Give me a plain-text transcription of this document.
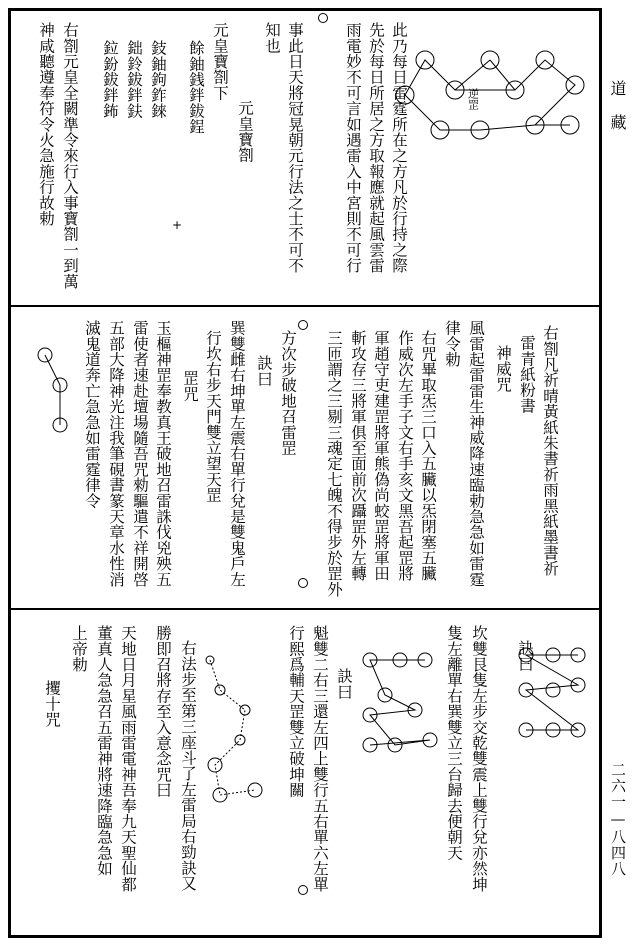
道藏
二六一—八四八
此乃每日雷霆所在之方凡於行持之際
先於每日所居之方取報應就起風雲雷
雨電妙不可言如遇雷入中宮則不可行
事此日天將冠晃朝元行法之士不可不
知也
元皇寶劄
元皇寶劄下
餘鈾銭鉡鈸鋥
鈘鈾鉤鈼錸
鈯鈴鈸鉡鈇
鉝鈖鈸鉡鈽
右劄元皇全闕準令來行入事寶劄一到萬
神咸聽遵奉符令火急施行故勅	+
逆罡
右劄凡祈晴黃紙朱書祈雨黑紙墨書祈
雷青紙粉書
神威咒
風雷起雷雷生神威降速臨勅急急如雷霆
律令勅
右咒畢取炁三口入五臟以炁閉塞五臟
作威次左手子文右手亥文黑吾起罡將
軍趙守吏建罡將軍熊偽尚蛟罡將軍田
斬攻存三將軍俱至面前次躡罡外左轉
三匝謂之三剔三魂定七魄不得步於罡外
方次步破地召雷罡
訣曰
巽雙雌右坤單左震右單行兌是雙鬼戶左
行坎右步天門雙立望天罡
罡咒
玉樞神罡奉教真王破地召雷誅伐兇殃五
雷使者速赴壇場隨吾咒勑驅遣不祥開啓
五部大降神光注我筆硯書篆天章水性消
滅鬼道奔亡急急如雷霆律令
訣曰
坎雙艮隻左步交乾雙震上雙行兌亦然坤
隻左離單右巽雙立三台歸去便朝天
魁雙二右三還左四上雙行五右單六左單
行熙爲輔天罡雙立破坤關 訣曰
右法步至第三座斗了左雷局右勁訣又
勝即召將存至入意念咒曰
天地日月星風雨雷電神吾奉九天聖仙都
董真人急急召五雷神將速降臨急急如
上帝勅
攫十咒
